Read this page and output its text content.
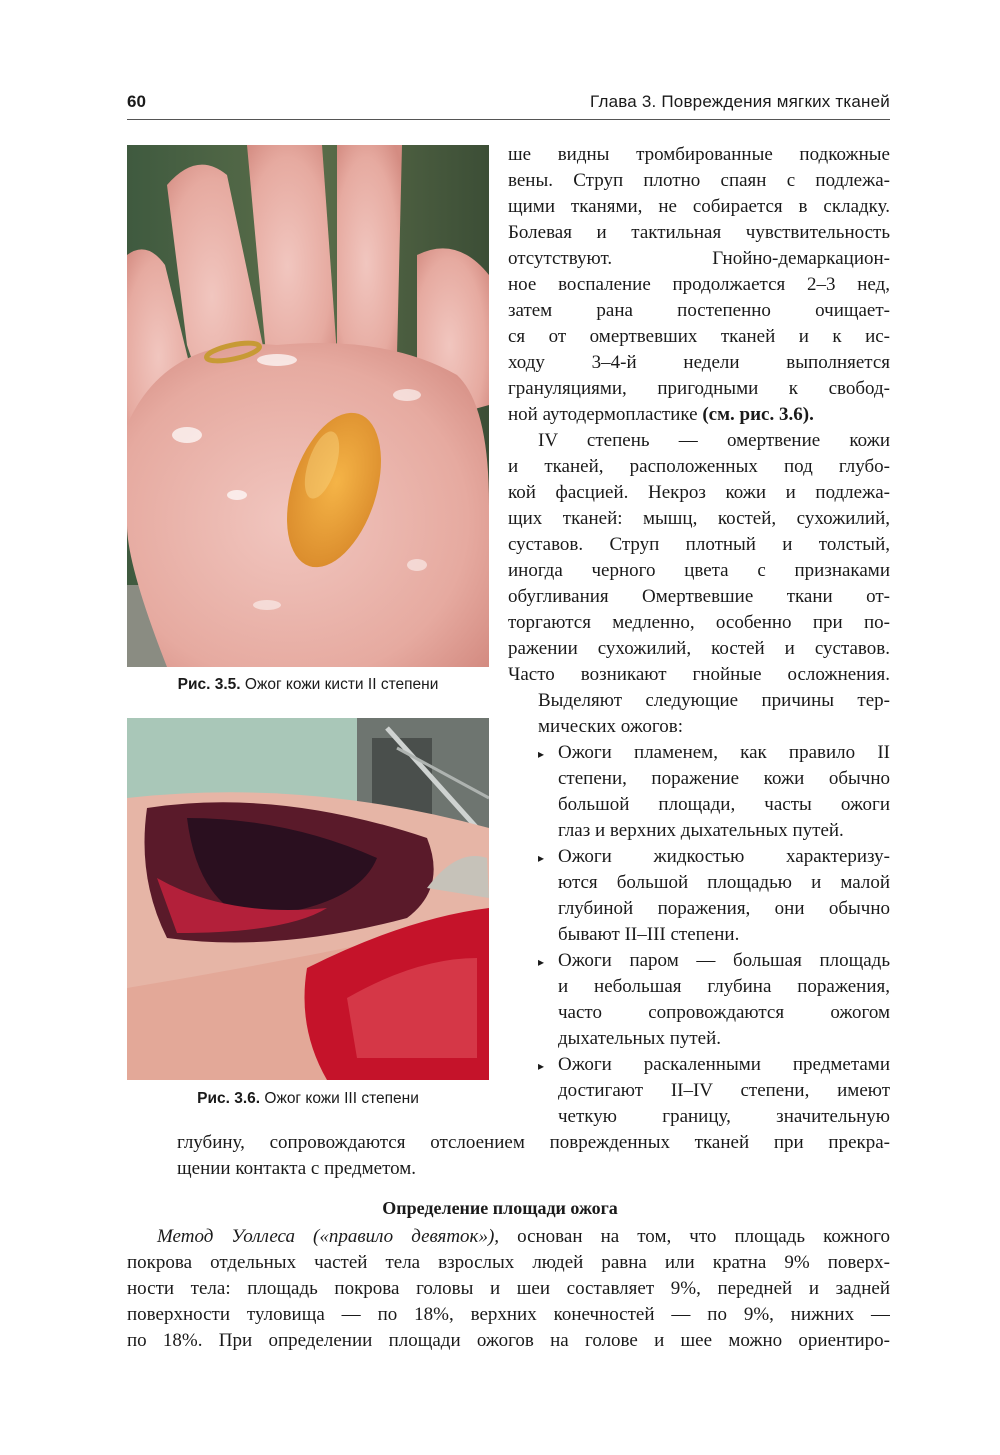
60	Глава 3. Повреждения мягких тканей
Рис. 3.5. Ожог кожи кисти II степени
Рис. 3.6. Ожог кожи III степени
ше видны тромбированные подкожные
вены. Струп плотно спаян с подлежа-
щими тканями, не собирается в складку.
Болевая и тактильная чувствительность
отсутствуют. Гнойно-демаркацион-
ное воспаление продолжается 2–3 нед,
затем рана постепенно очищает-
ся от омертвевших тканей и к ис-
ходу 3–4-й недели выполняется
грануляциями, пригодными к свобод-
ной аутодермопластике (см. рис. 3.6).
IV степень — омертвение кожи
и тканей, расположенных под глубо-
кой фасцией. Некроз кожи и подлежа-
щих тканей: мышц, костей, сухожилий,
суставов. Струп плотный и толстый,
иногда черного цвета с признаками
обугливания Омертвевшие ткани от-
торгаются медленно, особенно при по-
ражении сухожилий, костей и суставов.
Часто возникают гнойные осложнения.
Выделяют следующие причины тер-
мических ожогов:
▸
▸
▸
▸
Ожоги пламенем, как правило II
степени, поражение кожи обычно
большой площади, часты ожоги
глаз и верхних дыхательных путей.
Ожоги жидкостью характеризу-
ются большой площадью и малой
глубиной поражения, они обычно
бывают II–III степени.
Ожоги паром — большая площадь
и небольшая глубина поражения,
часто сопровождаются ожогом
дыхательных путей.
Ожоги раскаленными предметами
достигают II–IV степени, имеют
четкую границу, значительную
глубину, сопровождаются отслоением поврежденных тканей при прекра-
щении контакта с предметом.
Определение площади ожога
Метод Уоллеса («правило девяток»), основан на том, что площадь кожного
покрова отдельных частей тела взрослых людей равна или кратна 9% поверх-
ности тела: площадь покрова головы и шеи составляет 9%, передней и задней
поверхности туловища — по 18%, верхних конечностей — по 9%, нижних —
по 18%. При определении площади ожогов на голове и шее можно ориентиро-
